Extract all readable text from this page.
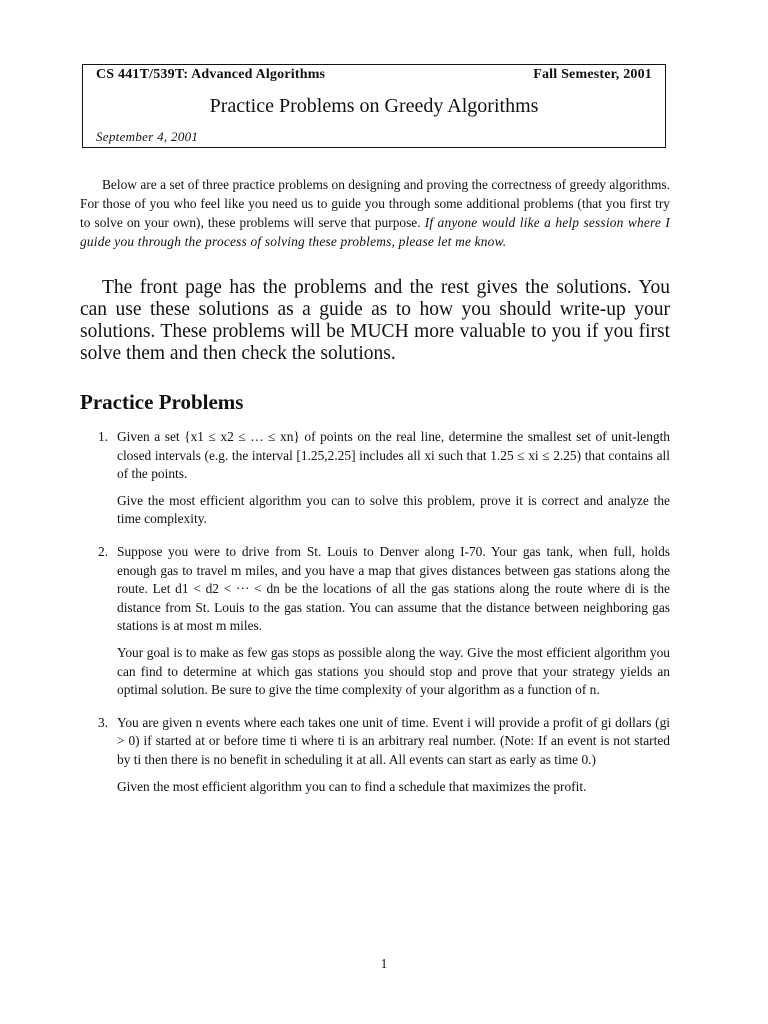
CS 441T/539T: Advanced Algorithms	Fall Semester, 2001
Practice Problems on Greedy Algorithms
September 4, 2001

Below are a set of three practice problems on designing and proving the correctness of greedy algorithms. For those of you who feel like you need us to guide you through some additional problems (that you first try to solve on your own), these problems will serve that purpose. If anyone would like a help session where I guide you through the process of solving these problems, please let me know.

The front page has the problems and the rest gives the solutions. You can use these solutions as a guide as to how you should write-up your solutions. These problems will be MUCH more valuable to you if you first solve them and then check the solutions.

Practice Problems
1. Given a set {x1 ≤ x2 ≤ … ≤ xn} of points on the real line, determine the smallest set of unit-length closed intervals (e.g. the interval [1.25,2.25] includes all xi such that 1.25 ≤ xi ≤ 2.25) that contains all of the points.

Give the most efficient algorithm you can to solve this problem, prove it is correct and analyze the time complexity.

2. Suppose you were to drive from St. Louis to Denver along I-70. Your gas tank, when full, holds enough gas to travel m miles, and you have a map that gives distances between gas stations along the route. Let d1 < d2 < ··· < dn be the locations of all the gas stations along the route where di is the distance from St. Louis to the gas station. You can assume that the distance between neighboring gas stations is at most m miles.

Your goal is to make as few gas stops as possible along the way. Give the most efficient algorithm you can find to determine at which gas stations you should stop and prove that your strategy yields an optimal solution. Be sure to give the time complexity of your algorithm as a function of n.

3. You are given n events where each takes one unit of time. Event i will provide a profit of gi dollars (gi > 0) if started at or before time ti where ti is an arbitrary real number. (Note: If an event is not started by ti then there is no benefit in scheduling it at all. All events can start as early as time 0.)

Given the most efficient algorithm you can to find a schedule that maximizes the profit.

1
